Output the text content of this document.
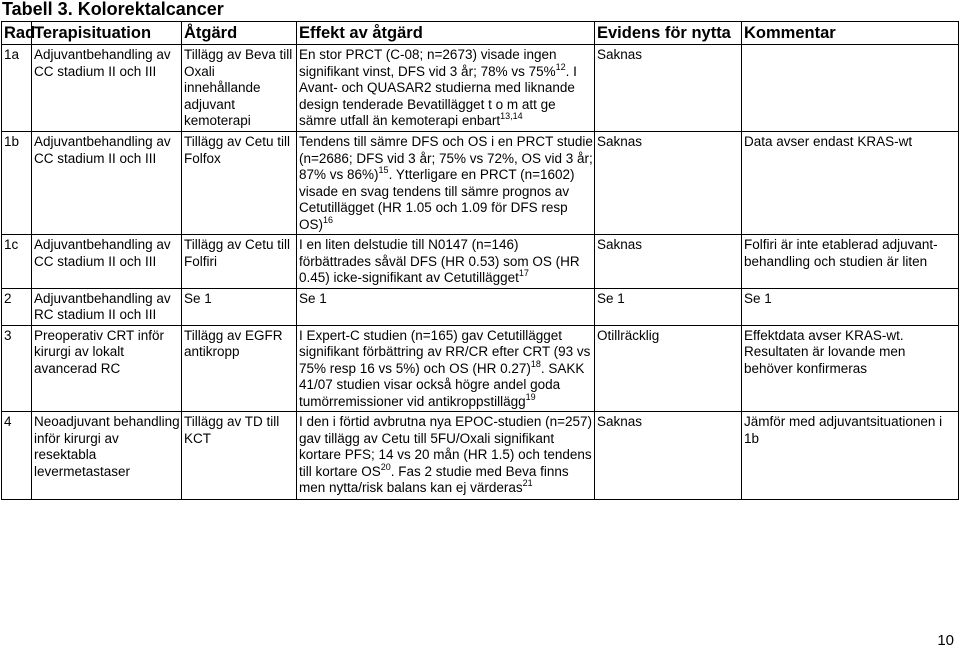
Tabell 3. Kolorektalcancer
Rad	Terapisituation	Åtgärd	Effekt av åtgärd	Evidens för nytta	Kommentar
1a	Adjuvantbehandling av CC stadium II och III	Tillägg av Beva till Oxali innehållande adjuvant kemoterapi	En stor PRCT (C-08; n=2673) visade ingen signifikant vinst, DFS vid 3 år; 78% vs 75%$^{12}$. I Avant- och QUASAR2 studierna med liknande design tenderade Bevatillägget t o m att ge sämre utfall än kemoterapi enbart$^{13,14}$	Saknas	
1b	Adjuvantbehandling av CC stadium II och III	Tillägg av Cetu till Folfox	Tendens till sämre DFS och OS i en PRCT studie (n=2686; DFS vid 3 år; 75% vs 72%, OS vid 3 år; 87% vs 86%)$^{15}$. Ytterligare en PRCT (n=1602) visade en svag tendens till sämre prognos av Cetutillägget (HR 1.05 och 1.09 för DFS resp OS)$^{16}$	Saknas	Data avser endast KRAS-wt
1c	Adjuvantbehandling av CC stadium II och III	Tillägg av Cetu till Folfiri	I en liten delstudie till N0147 (n=146) förbättrades såväl DFS (HR 0.53) som OS (HR 0.45) icke-signifikant av Cetutillägget$^{17}$	Saknas	Folfiri är inte etablerad adjuvant-behandling och studien är liten
2	Adjuvantbehandling av RC stadium II och III	Se 1	Se 1	Se 1	Se 1
3	Preoperativ CRT inför kirurgi av lokalt avancerad RC	Tillägg av EGFR antikropp	I Expert-C studien (n=165) gav Cetutillägget signifikant förbättring av RR/CR efter CRT (93 vs 75% resp 16 vs 5%) och OS (HR 0.27)$^{18}$. SAKK 41/07 studien visar också högre andel goda tumörremissioner vid antikroppstillägg$^{19}$	Otillräcklig	Effektdata avser KRAS-wt. Resultaten är lovande men behöver konfirmeras
4	Neoadjuvant behandling inför kirurgi av resektabla levermetastaser	Tillägg av TD till KCT	I den i förtid avbrutna nya EPOC-studien (n=257) gav tillägg av Cetu till 5FU/Oxali signifikant kortare PFS; 14 vs 20 mån (HR 1.5) och tendens till kortare OS$^{20}$. Fas 2 studie med Beva finns men nytta/risk balans kan ej värderas$^{21}$	Saknas	Jämför med adjuvantsituationen i 1b
10
